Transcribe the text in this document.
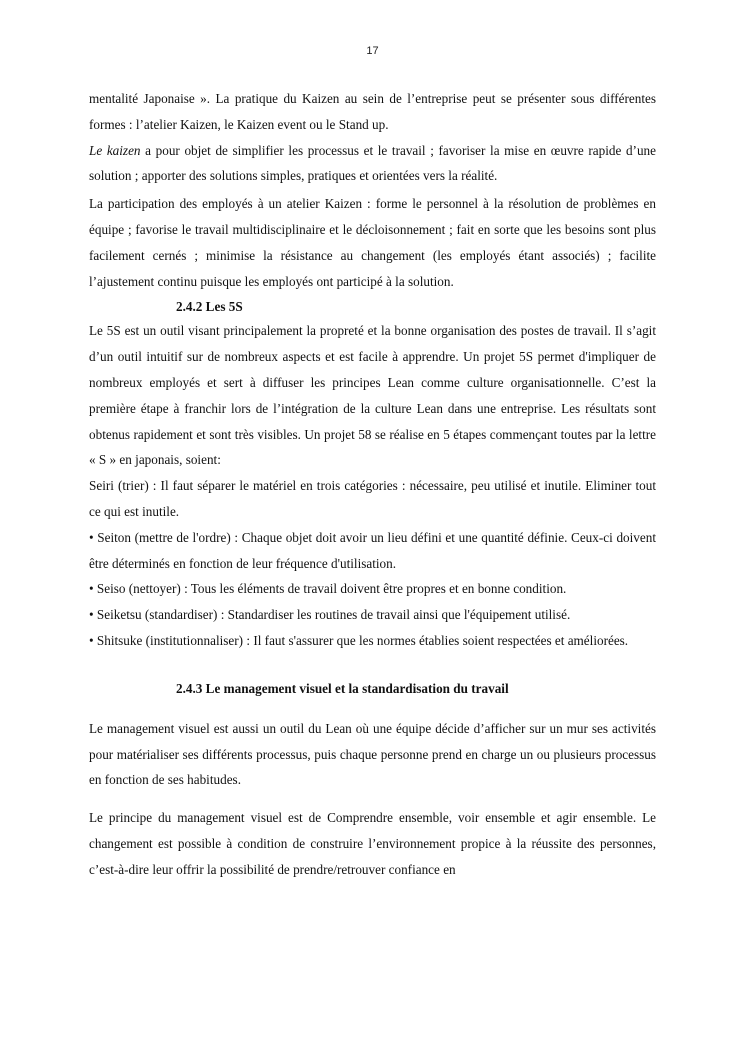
17

mentalité Japonaise ». La pratique du Kaizen au sein de l’entreprise peut se présenter sous différentes formes : l’atelier Kaizen, le Kaizen event ou le Stand up.

Le kaizen a pour objet de simplifier les processus et le travail ; favoriser la mise en œuvre rapide d’une solution ; apporter des solutions simples, pratiques et orientées vers la réalité.

La participation des employés à un atelier Kaizen : forme le personnel à la résolution de problèmes en équipe ; favorise le travail multidisciplinaire et le décloisonnement ; fait en sorte que les besoins sont plus facilement cernés ; minimise la résistance au changement (les employés étant associés) ; facilite l’ajustement continu puisque les employés ont participé à la solution.

2.4.2 Les 5S

Le 5S est un outil visant principalement la propreté et la bonne organisation des postes de travail. Il s’agit d’un outil intuitif sur de nombreux aspects et est facile à apprendre. Un projet 5S permet d'impliquer de nombreux employés et sert à diffuser les principes Lean comme culture organisationnelle. C’est la première étape à franchir lors de l’intégration de la culture Lean dans une entreprise. Les résultats sont obtenus rapidement et sont très visibles. Un projet 58 se réalise en 5 étapes commençant toutes par la lettre « S » en japonais, soient:

Seiri (trier) : Il faut séparer le matériel en trois catégories : nécessaire, peu utilisé et inutile. Eliminer tout ce qui est inutile.

• Seiton (mettre de l'ordre) : Chaque objet doit avoir un lieu défini et une quantité définie. Ceux-ci doivent être déterminés en fonction de leur fréquence d'utilisation.

• Seiso (nettoyer) : Tous les éléments de travail doivent être propres et en bonne condition.

• Seiketsu (standardiser) : Standardiser les routines de travail ainsi que l'équipement utilisé.

• Shitsuke (institutionnaliser) : Il faut s'assurer que les normes établies soient respectées et améliorées.

2.4.3 Le management visuel et la standardisation du travail

Le management visuel est aussi un outil du Lean où une équipe décide d’afficher sur un mur ses activités pour matérialiser ses différents processus, puis chaque personne prend en charge un ou plusieurs processus en fonction de ses habitudes.

Le principe du management visuel est de Comprendre ensemble, voir ensemble et agir ensemble. Le changement est possible à condition de construire l’environnement propice à la réussite des personnes, c’est-à-dire leur offrir la possibilité de prendre/retrouver confiance en
